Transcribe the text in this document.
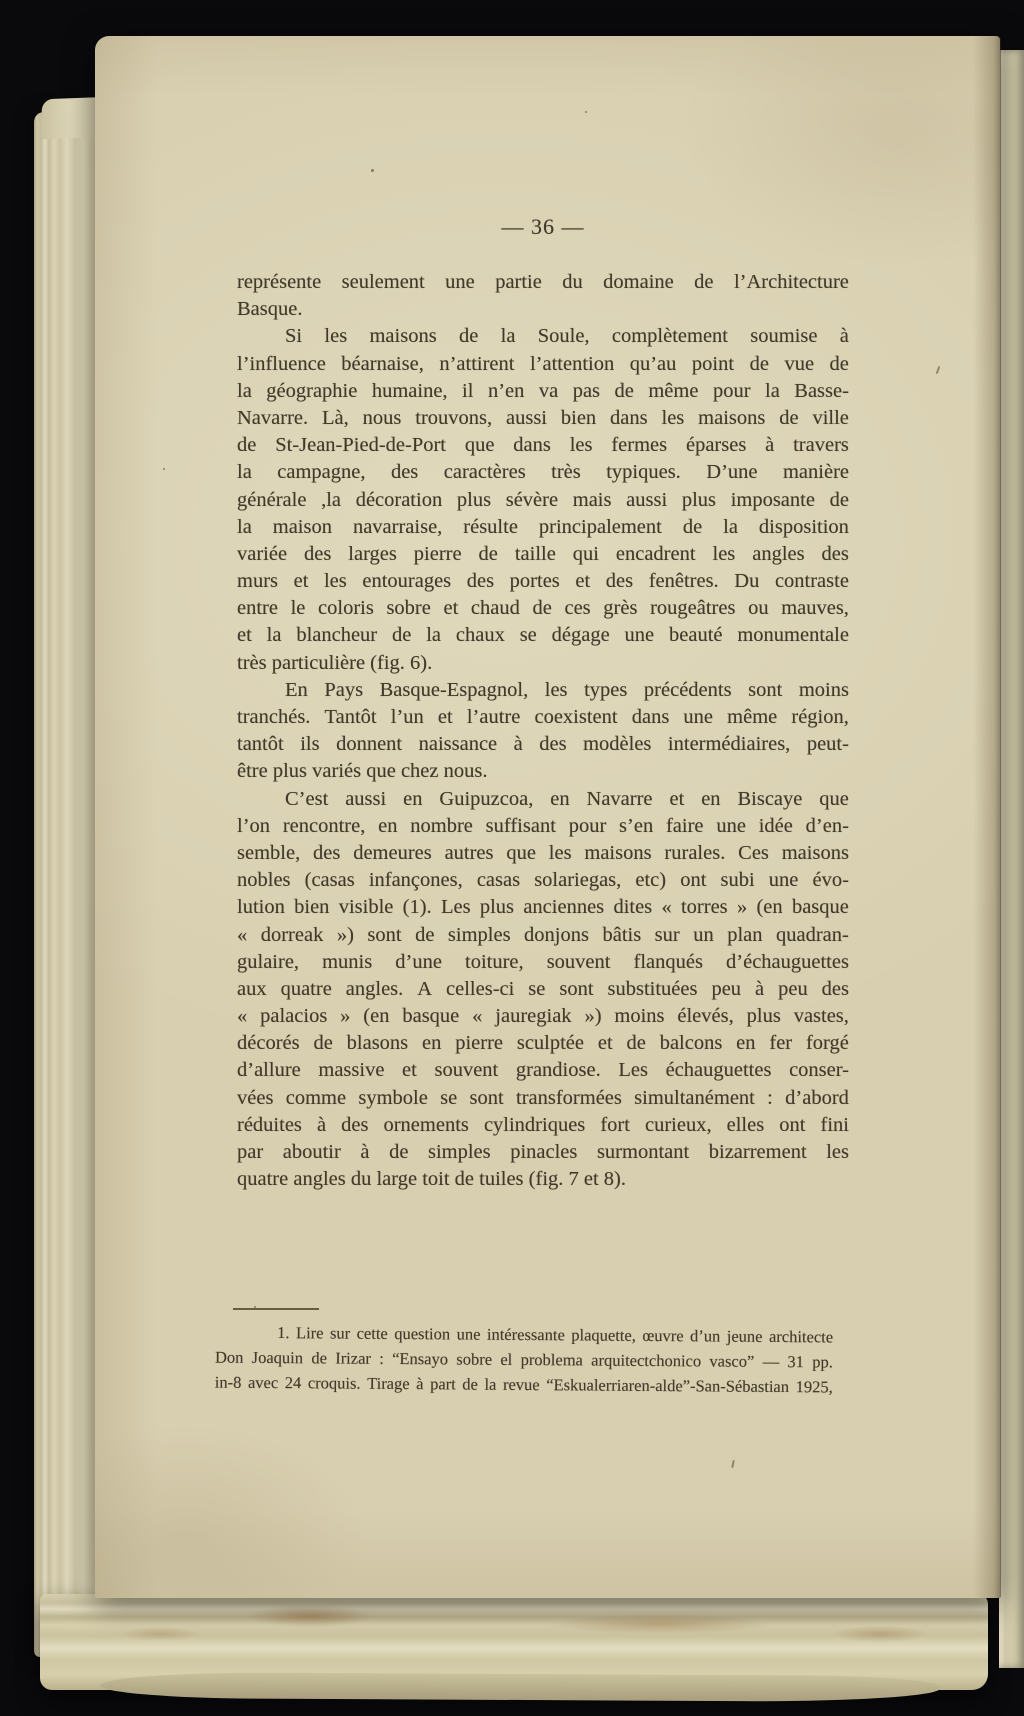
— 36 —
représente seulement une partie du domaine de l’Architecture
Basque.
Si les maisons de la Soule, complètement soumise à
l’influence béarnaise, n’attirent l’attention qu’au point de vue de
la géographie humaine, il n’en va pas de même pour la Basse-
Navarre. Là, nous trouvons, aussi bien dans les maisons de ville
de St-Jean-Pied-de-Port que dans les fermes éparses à travers
la campagne, des caractères très typiques. D’une manière
générale ,la décoration plus sévère mais aussi plus imposante de
la maison navarraise, résulte principalement de la disposition
variée des larges pierre de taille qui encadrent les angles des
murs et les entourages des portes et des fenêtres. Du contraste
entre le coloris sobre et chaud de ces grès rougeâtres ou mauves,
et la blancheur de la chaux se dégage une beauté monumentale
très particulière (fig. 6).
En Pays Basque-Espagnol, les types précédents sont moins
tranchés. Tantôt l’un et l’autre coexistent dans une même région,
tantôt ils donnent naissance à des modèles intermédiaires, peut-
être plus variés que chez nous.
C’est aussi en Guipuzcoa, en Navarre et en Biscaye que
l’on rencontre, en nombre suffisant pour s’en faire une idée d’en-
semble, des demeures autres que les maisons rurales. Ces maisons
nobles (casas infançones, casas solariegas, etc) ont subi une évo-
lution bien visible (1). Les plus anciennes dites « torres » (en basque
« dorreak ») sont de simples donjons bâtis sur un plan quadran-
gulaire, munis d’une toiture, souvent flanqués d’échauguettes
aux quatre angles. A celles-ci se sont substituées peu à peu des
« palacios » (en basque « jauregiak ») moins élevés, plus vastes,
décorés de blasons en pierre sculptée et de balcons en fer forgé
d’allure massive et souvent grandiose. Les échauguettes conser-
vées comme symbole se sont transformées simultanément : d’abord
réduites à des ornements cylindriques fort curieux, elles ont fini
par aboutir à de simples pinacles surmontant bizarrement les
quatre angles du large toit de tuiles (fig. 7 et 8).
1. Lire sur cette question une intéressante plaquette, œuvre d’un jeune architecte
Don Joaquin de Irizar : “Ensayo sobre el problema arquitectchonico vasco” — 31 pp.
in-8 avec 24 croquis. Tirage à part de la revue “Eskualerriaren-alde”-San-Sébastian 1925,
